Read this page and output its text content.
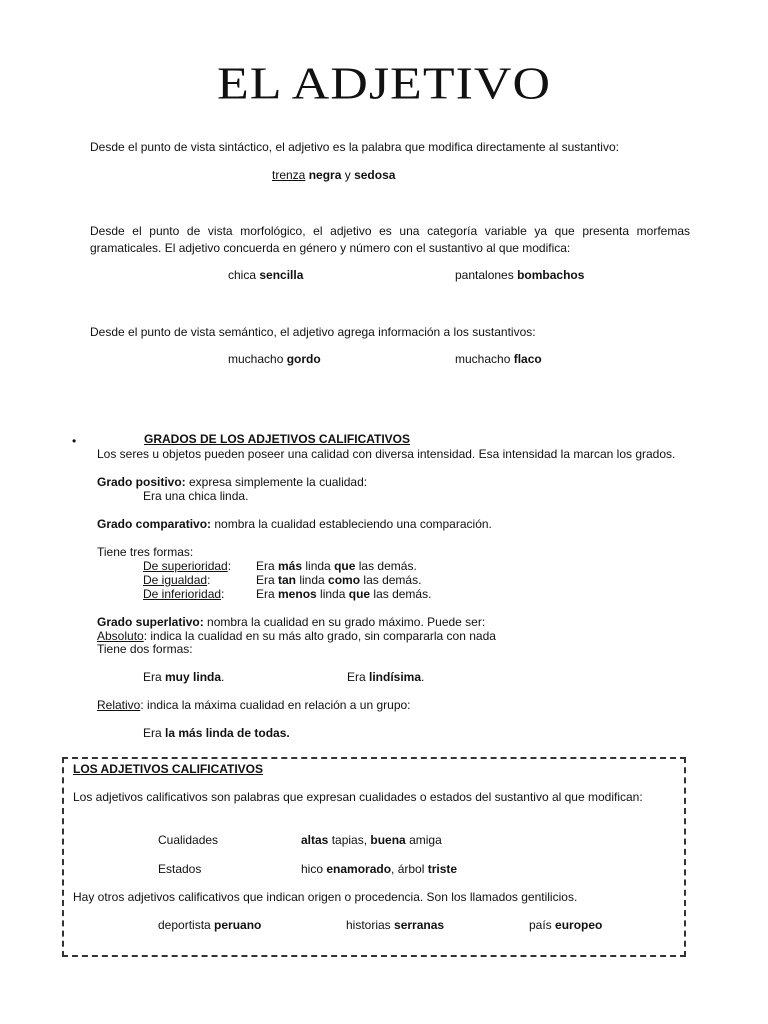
EL ADJETIVO
Desde el punto de vista sintáctico, el adjetivo es la palabra que modifica directamente al sustantivo:
trenza negra y sedosa
Desde el punto de vista morfológico, el adjetivo es una categoría variable ya que presenta morfemas gramaticales. El adjetivo concuerda en género y número con el sustantivo al que modifica:
chica sencilla	pantalones bombachos
Desde el punto de vista semántico, el adjetivo agrega información a los sustantivos:
muchacho gordo	muchacho flaco
•	GRADOS DE LOS ADJETIVOS CALIFICATIVOS
Los seres u objetos pueden poseer una calidad con diversa intensidad. Esa intensidad la marcan los grados.
Grado positivo: expresa simplemente la cualidad:
Era una chica linda.
Grado comparativo: nombra la cualidad estableciendo una comparación.
Tiene tres formas:
De superioridad: Era más linda que las demás.
De igualdad:	Era tan linda como las demás.
De inferioridad:	Era menos linda que las demás.
Grado superlativo: nombra la cualidad en su grado máximo. Puede ser:
Absoluto: indica la cualidad en su más alto grado, sin compararla con nada
Tiene dos formas:
Era muy linda.	Era lindísima.
Relativo: indica la máxima cualidad en relación a un grupo:
Era la más linda de todas.
LOS ADJETIVOS CALIFICATIVOS
Los adjetivos calificativos son palabras que expresan cualidades o estados del sustantivo al que modifican:
Cualidades	altas tapias, buena amiga
Estados	hico enamorado, árbol triste
Hay otros adjetivos calificativos que indican origen o procedencia. Son los llamados gentilicios.
deportista peruano	historias serranas	país europeo
